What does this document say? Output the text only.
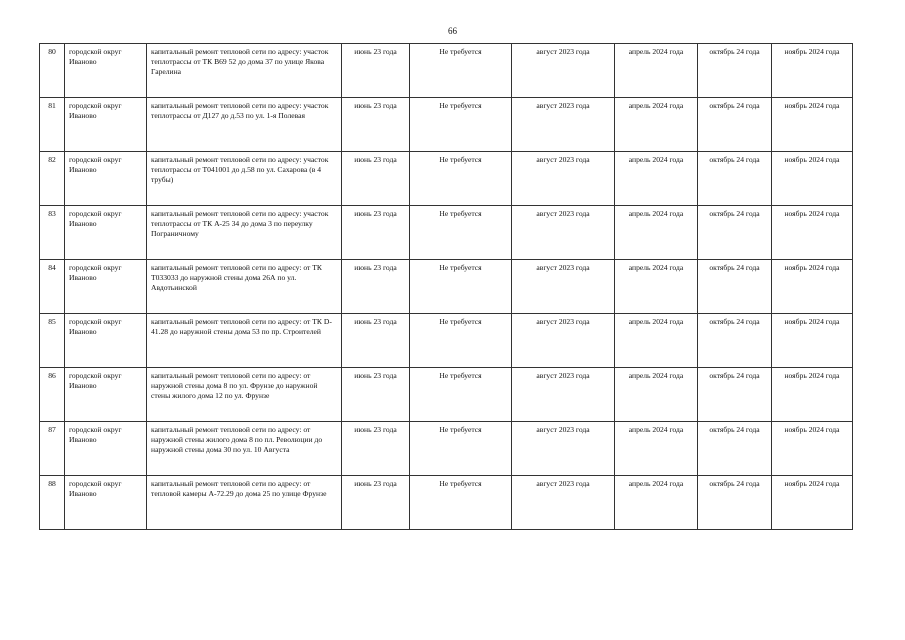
66
80	городской округ Иваново	капитальный ремонт тепловой сети по адресу: участок теплотрассы от ТК В69 52 до дома 37 по улице Якова Гарелина	июнь 23 года	Не требуется	август 2023 года	апрель 2024 года	октябрь 24 года	ноябрь 2024 года
81	городской округ Иваново	капитальный ремонт тепловой сети по адресу: участок теплотрассы от Д127 до д.53 по ул. 1-я Полевая	июнь 23 года	Не требуется	август 2023 года	апрель 2024 года	октябрь 24 года	ноябрь 2024 года
82	городской округ Иваново	капитальный ремонт тепловой сети по адресу: участок теплотрассы от Т041001 до д.58 по ул. Сахарова (в 4 трубы)	июнь 23 года	Не требуется	август 2023 года	апрель 2024 года	октябрь 24 года	ноябрь 2024 года
83	городской округ Иваново	капитальный ремонт тепловой сети по адресу: участок теплотрассы от ТК А-25 34 до дома 3 по переулку Пограничному	июнь 23 года	Не требуется	август 2023 года	апрель 2024 года	октябрь 24 года	ноябрь 2024 года
84	городской округ Иваново	капитальный ремонт тепловой сети по адресу: от ТК Т033033 до наружной стены дома 26А по ул. Авдотьинской	июнь 23 года	Не требуется	август 2023 года	апрель 2024 года	октябрь 24 года	ноябрь 2024 года
85	городской округ Иваново	капитальный ремонт тепловой сети по адресу: от ТК D-41.28 до наружной стены дома 53 по пр. Строителей	июнь 23 года	Не требуется	август 2023 года	апрель 2024 года	октябрь 24 года	ноябрь 2024 года
86	городской округ Иваново	капитальный ремонт тепловой сети по адресу: от наружной стены дома 8 по ул. Фрунзе до наружной стены жилого дома 12 по ул. Фрунзе	июнь 23 года	Не требуется	август 2023 года	апрель 2024 года	октябрь 24 года	ноябрь 2024 года
87	городской округ Иваново	капитальный ремонт тепловой сети по адресу: от наружной стены жилого дома 8 по пл. Революции до наружной стены дома 30 по ул. 10 Августа	июнь 23 года	Не требуется	август 2023 года	апрель 2024 года	октябрь 24 года	ноябрь 2024 года
88	городской округ Иваново	капитальный ремонт тепловой сети по адресу: от тепловой камеры А-72.29 до дома 25 по улице Фрунзе	июнь 23 года	Не требуется	август 2023 года	апрель 2024 года	октябрь 24 года	ноябрь 2024 года
